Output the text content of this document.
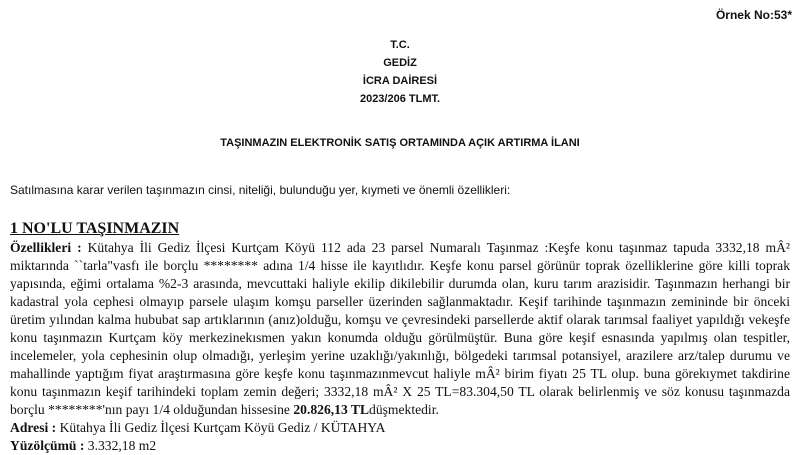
Örnek No:53*
T.C.
GEDİZ
İCRA DAİRESİ
2023/206 TLMT.
TAŞINMAZIN ELEKTRONİK SATIŞ ORTAMINDA AÇIK ARTIRMA İLANI
Satılmasına karar verilen taşınmazın cinsi, niteliği, bulunduğu yer, kıymeti ve önemli özellikleri:
1 NO'LU TAŞINMAZIN
Özellikleri : Kütahya İli Gediz İlçesi Kurtçam Köyü 112 ada 23 parsel Numaralı Taşınmaz :Keşfe konu taşınmaz tapuda 3332,18 mÂ² miktarında ``tarla"vasfı ile borçlu ******** adına 1/4 hisse ile kayıtlıdır. Keşfe konu parsel görünür toprak özelliklerine göre killi toprak yapısında, eğimi ortalama %2-3 arasında, mevcuttaki haliyle ekilip dikilebilir durumda olan, kuru tarım arazisidir. Taşınmazın herhangi bir kadastral yola cephesi olmayıp parsele ulaşım komşu parseller üzerinden sağlanmaktadır. Keşif tarihinde taşınmazın zemininde bir önceki üretim yılından kalma hububat sap artıklarının (anız)olduğu, komşu ve çevresindeki parsellerde aktif olarak tarımsal faaliyet yapıldığı vekeşfe konu taşınmazın Kurtçam köy merkezinekısmen yakın konumda olduğu görülmüştür. Buna göre keşif esnasında yapılmış olan tespitler, incelemeler, yola cephesinin olup olmadığı, yerleşim yerine uzaklığı/yakınlığı, bölgedeki tarımsal potansiyel, arazilere arz/talep durumu ve mahallinde yaptığım fiyat araştırmasına göre keşfe konu taşınmazınmevcut haliyle mÂ² birim fiyatı 25 TL olup. buna görekıymet takdirine konu taşınmazın keşif tarihindeki toplam zemin değeri; 3332,18 mÂ² X 25 TL=83.304,50 TL olarak belirlenmiş ve söz konusu taşınmazda borçlu ********'nın payı 1/4 olduğundan hissesine 20.826,13 TLdüşmektedir.
Adresi : Kütahya İli Gediz İlçesi Kurtçam Köyü Gediz / KÜTAHYA
Yüzölçümü : 3.332,18 m2
